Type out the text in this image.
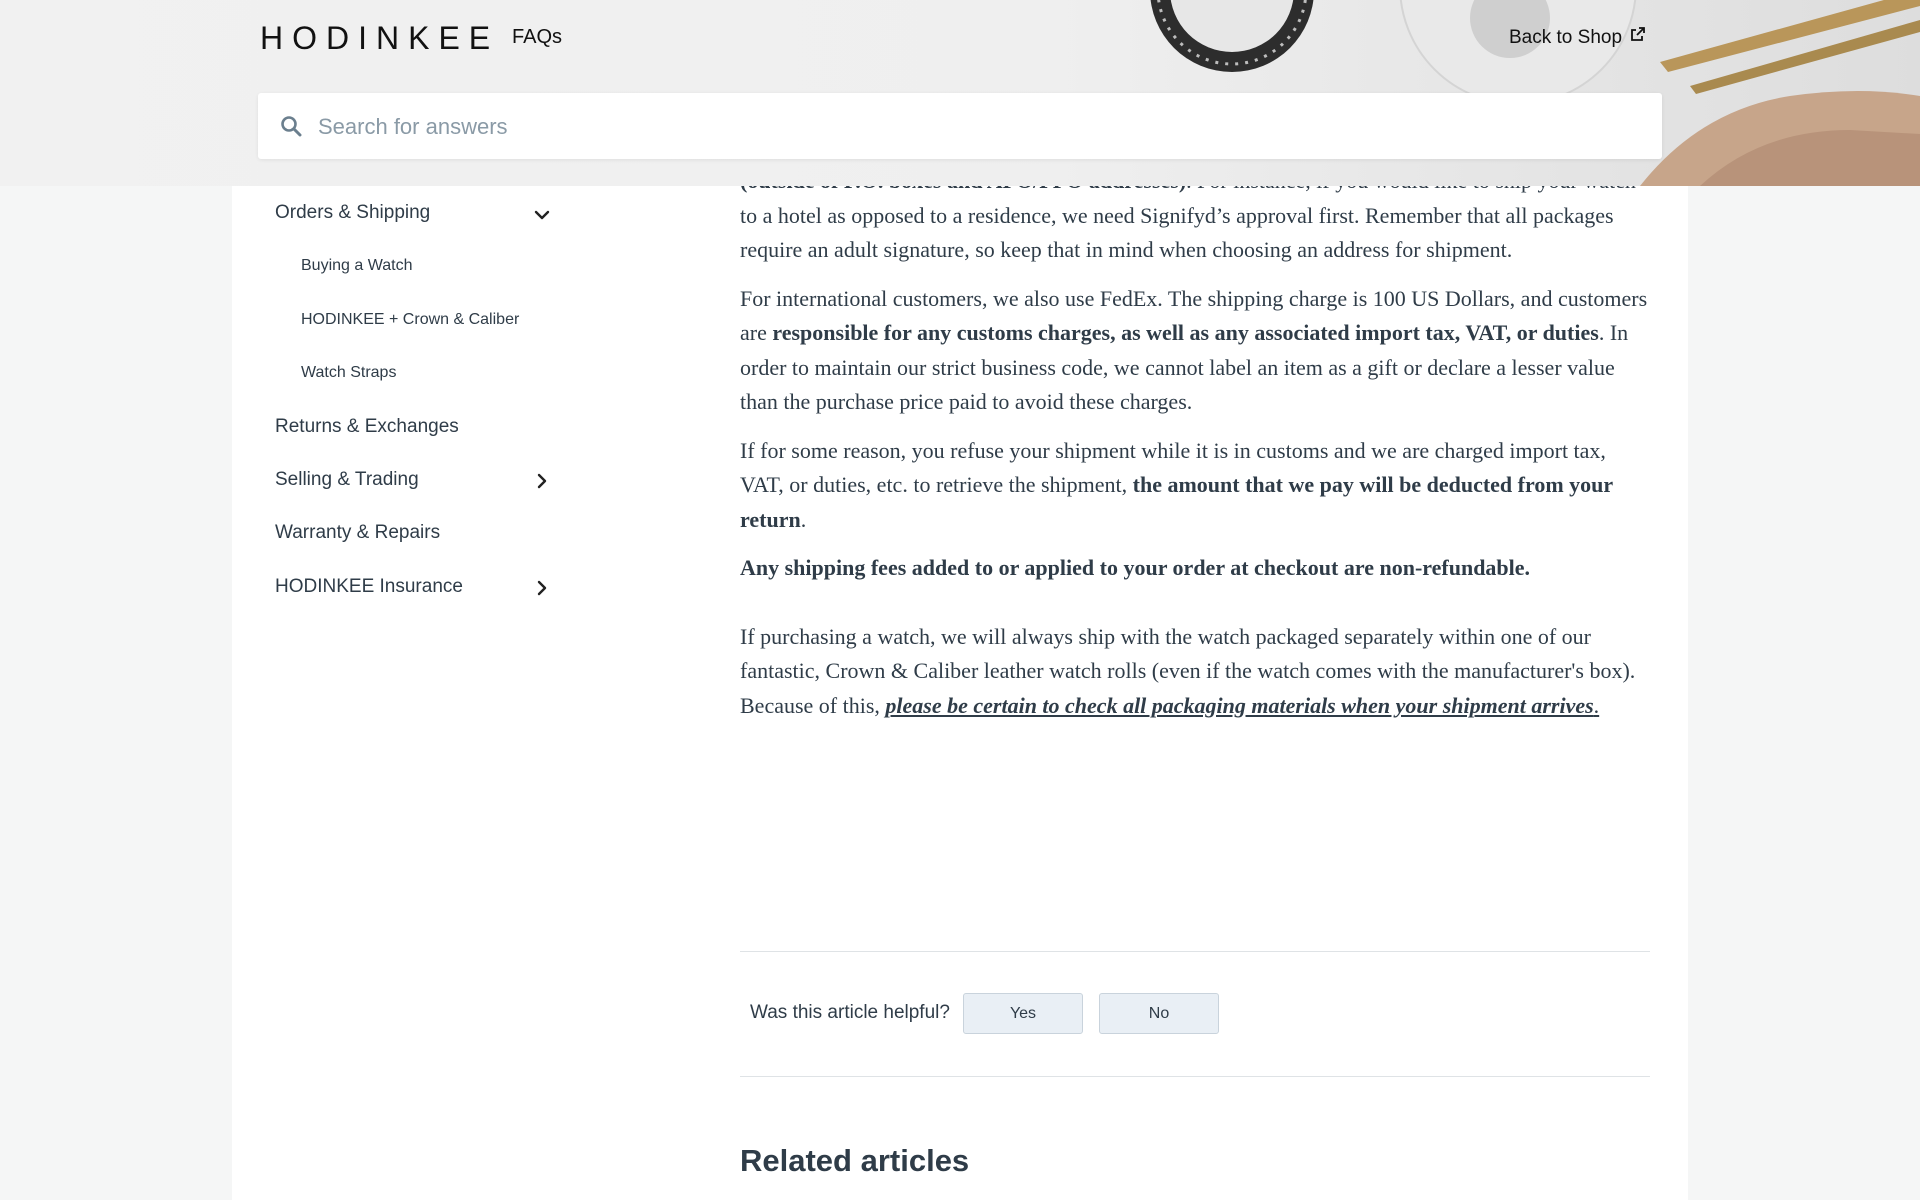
Orders & Shipping
Buying a Watch
HODINKEE + Crown & Caliber
Watch Straps
Returns & Exchanges
Selling & Trading
Warranty & Repairs
HODINKEE Insurance

to a hotel as opposed to a residence, we need Signifyd’s approval first. Remember that all packages require an adult signature, so keep that in mind when choosing an address for shipment.

For international customers, we also use FedEx. The shipping charge is 100 US Dollars, and customers are responsible for any customs charges, as well as any associated import tax, VAT, or duties. In order to maintain our strict business code, we cannot label an item as a gift or declare a lesser value than the purchase price paid to avoid these charges.

If for some reason, you refuse your shipment while it is in customs and we are charged import tax, VAT, or duties, etc. to retrieve the shipment, the amount that we pay will be deducted from your return.

Any shipping fees added to or applied to your order at checkout are non-refundable.

If purchasing a watch, we will always ship with the watch packaged separately within one of our fantastic, Crown & Caliber leather watch rolls (even if the watch comes with the manufacturer's box). Because of this, please be certain to check all packaging materials when your shipment arrives.

Was this article helpful?	Yes	No
Related articles
HODINKEE FAQs	Back to Shop
Search for answers
